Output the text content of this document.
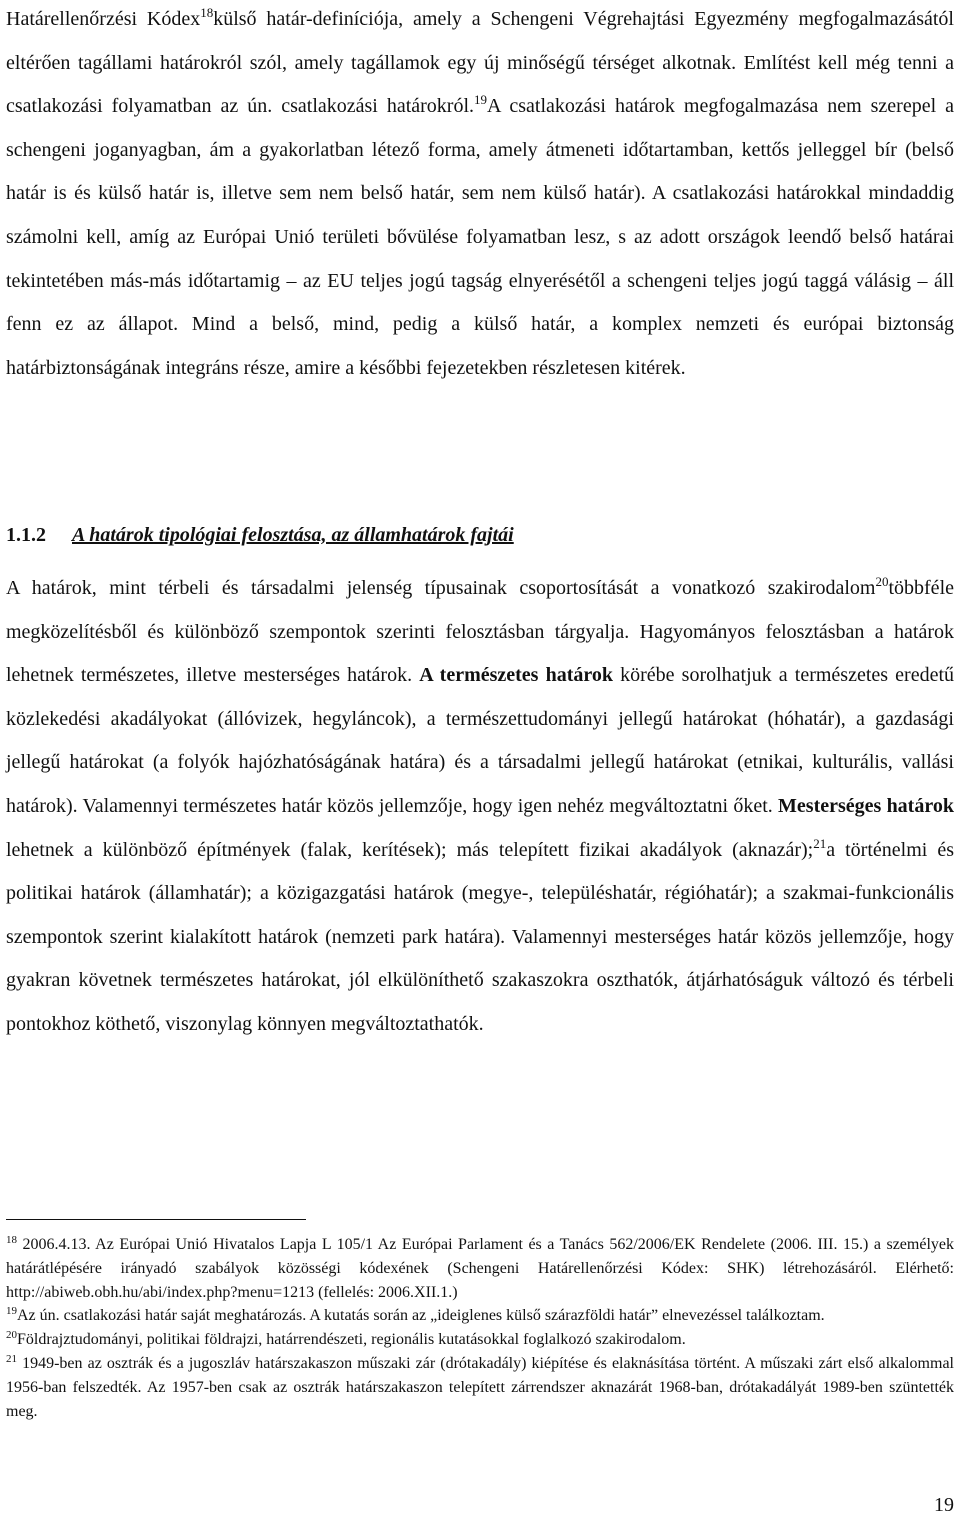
Határellenőrzési Kódex$^{18}$külső határ-definíciója, amely a Schengeni Végrehajtási Egyezmény megfogalmazásától eltérően tagállami határokról szól, amely tagállamok egy új minőségű térséget alkotnak. Említést kell még tenni a csatlakozási folyamatban az ún. csatlakozási határokról.$^{19}$A csatlakozási határok megfogalmazása nem szerepel a schengeni joganyagban, ám a gyakorlatban létező forma, amely átmeneti időtartamban, kettős jelleggel bír (belső határ is és külső határ is, illetve sem nem belső határ, sem nem külső határ). A csatlakozási határokkal mindaddig számolni kell, amíg az Európai Unió területi bővülése folyamatban lesz, s az adott országok leendő belső határai tekintetében más-más időtartamig – az EU teljes jogú tagság elnyerésétől a schengeni teljes jogú taggá válásig – áll fenn ez az állapot. Mind a belső, mind, pedig a külső határ, a komplex nemzeti és európai biztonság határbiztonságának integráns része, amire a későbbi fejezetekben részletesen kitérek.

1.1.2 A határok tipológiai felosztása, az államhatárok fajtái

A határok, mint térbeli és társadalmi jelenség típusainak csoportosítását a vonatkozó szakirodalom$^{20}$többféle megközelítésből és különböző szempontok szerinti felosztásban tárgyalja. Hagyományos felosztásban a határok lehetnek természetes, illetve mesterséges határok. A természetes határok körébe sorolhatjuk a természetes eredetű közlekedési akadályokat (állóvizek, hegyláncok), a természettudományi jellegű határokat (hóhatár), a gazdasági jellegű határokat (a folyók hajózhatóságának határa) és a társadalmi jellegű határokat (etnikai, kulturális, vallási határok). Valamennyi természetes határ közös jellemzője, hogy igen nehéz megváltoztatni őket. Mesterséges határok lehetnek a különböző építmények (falak, kerítések); más telepített fizikai akadályok (aknazár);$^{21}$a történelmi és politikai határok (államhatár); a közigazgatási határok (megye-, településhatár, régióhatár); a szakmai-funkcionális szempontok szerint kialakított határok (nemzeti park határa). Valamennyi mesterséges határ közös jellemzője, hogy gyakran követnek természetes határokat, jól elkülöníthető szakaszokra oszthatók, átjárhatóságuk változó és térbeli pontokhoz köthető, viszonylag könnyen megváltoztathatók.

$^{18}$ 2006.4.13. Az Európai Unió Hivatalos Lapja L 105/1 Az Európai Parlament és a Tanács 562/2006/EK Rendelete (2006. III. 15.) a személyek határátlépésére irányadó szabályok közösségi kódexének (Schengeni Határellenőrzési Kódex: SHK) létrehozásáról. Elérhető: http://abiweb.obh.hu/abi/index.php?menu=1213 (fellelés: 2006.XII.1.)

$^{19}$Az ún. csatlakozási határ saját meghatározás. A kutatás során az „ideiglenes külső szárazföldi határ” elnevezéssel találkoztam.

$^{20}$Földrajztudományi, politikai földrajzi, határrendészeti, regionális kutatásokkal foglalkozó szakirodalom.

$^{21}$ 1949-ben az osztrák és a jugoszláv határszakaszon műszaki zár (drótakadály) kiépítése és elaknásítása történt. A műszaki zárt első alkalommal 1956-ban felszedték. Az 1957-ben csak az osztrák határszakaszon telepített zárrendszer aknazárát 1968-ban, drótakadályát 1989-ben szüntették meg.

19
